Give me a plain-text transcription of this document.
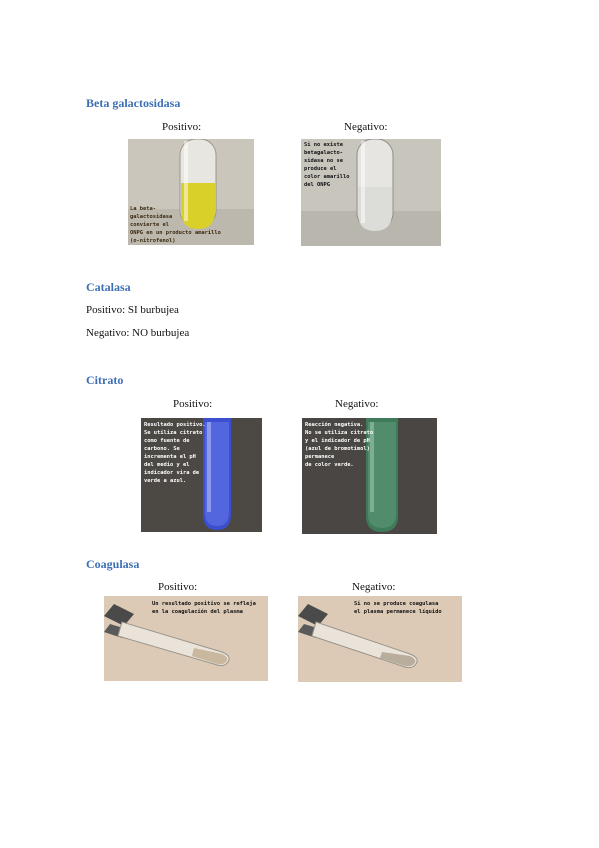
Beta galactosidasa
Positivo:	Negativo:
La beta-
galactosidasa
convierte el
ONPG en un producto amarillo
(o-nitrofenol)
Si no existe
betagalacto-
sidasa no se
produce el
color amarillo
del ONPG
Catalasa
Positivo: SI burbujea
Negativo: NO burbujea
Citrato
Positivo:	Negativo:
Resultado positivo.
Se utiliza citrato
como fuente de
carbono. Se
incrementa el pH
del medio y el
indicador vira de
verde a azul.
Reacción negativa.
No se utiliza citrato
y el indicador de pH
(azul de bromotimol)
permanece
de color verde.
Coagulasa
Positivo:	Negativo:
Un resultado positivo se refleja
en la coagulación del plasma
Si no se produce coagulasa
el plasma permanece líquido
